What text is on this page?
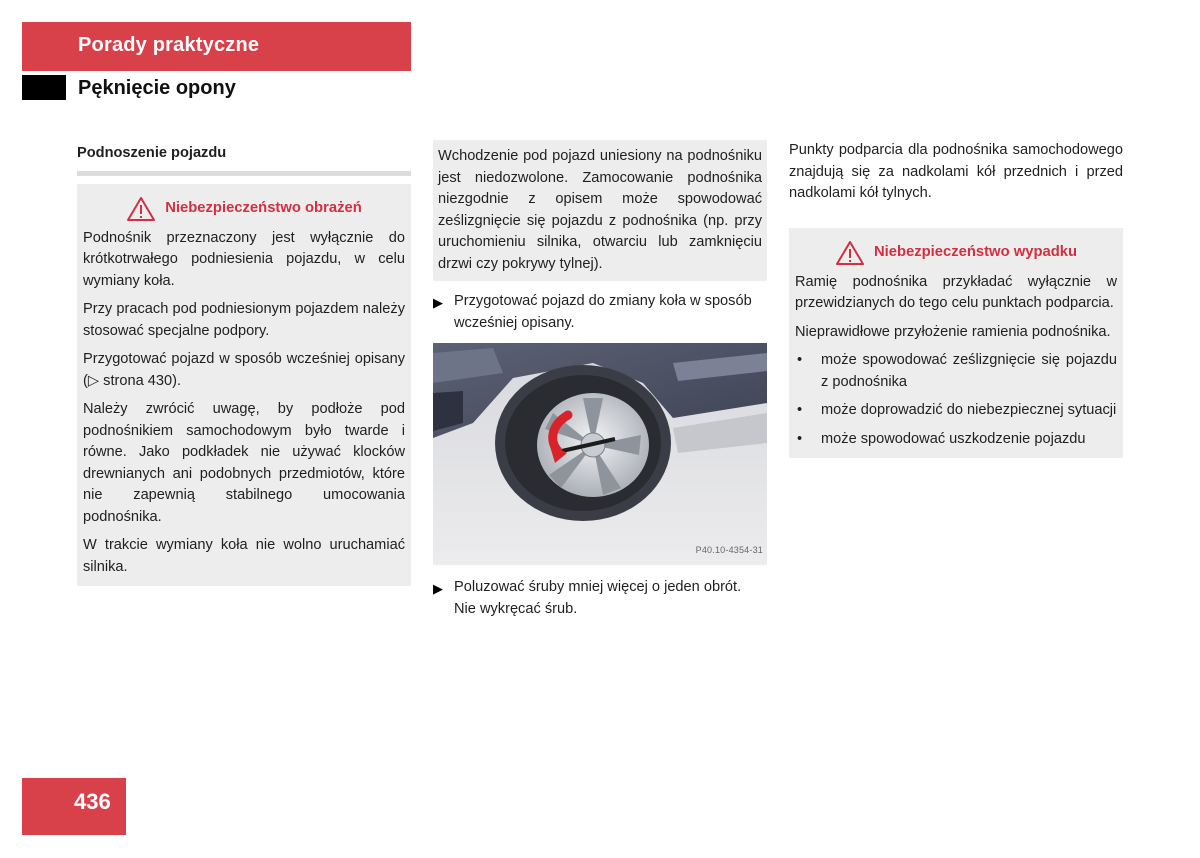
Porady praktyczne
Pęknięcie opony
Podnoszenie pojazdu
Niebezpieczeństwo obrażeń

Podnośnik przeznaczony jest wyłącznie do krótkotrwałego podniesienia pojazdu, w celu wymiany koła.

Przy pracach pod podniesionym pojazdem należy stosować specjalne podpory.

Przygotować pojazd w sposób wcześniej opisany (▷ strona 430).

Należy zwrócić uwagę, by podłoże pod podnośnikiem samochodowym było twarde i równe. Jako podkładek nie używać klocków drewnianych ani podobnych przedmiotów, które nie zapewnią stabilnego umocowania podnośnika.

W trakcie wymiany koła nie wolno uruchamiać silnika.

Wchodzenie pod pojazd uniesiony na podnośniku jest niedozwolone. Zamocowanie podnośnika niezgodnie z opisem może spowodować ześlizgnięcie się pojazdu z podnośnika (np. przy uruchomieniu silnika, otwarciu lub zamknięciu drzwi czy pokrywy tylnej).

▶ Przygotować pojazd do zmiany koła w sposób wcześniej opisany.

P40.10-4354-31
▶ Poluzować śruby mniej więcej o jeden obrót. Nie wykręcać śrub.

Punkty podparcia dla podnośnika samochodowego znajdują się za nadkolami kół przednich i przed nadkolami kół tylnych.

Niebezpieczeństwo wypadku

Ramię podnośnika przykładać wyłącznie w przewidzianych do tego celu punktach podparcia.

Nieprawidłowe przyłożenie ramienia podnośnika.

•	może spowodować ześlizgnięcie się pojazdu z podnośnika
•	może doprowadzić do niebezpiecznej sytuacji
•	może spowodować uszkodzenie pojazdu
436
